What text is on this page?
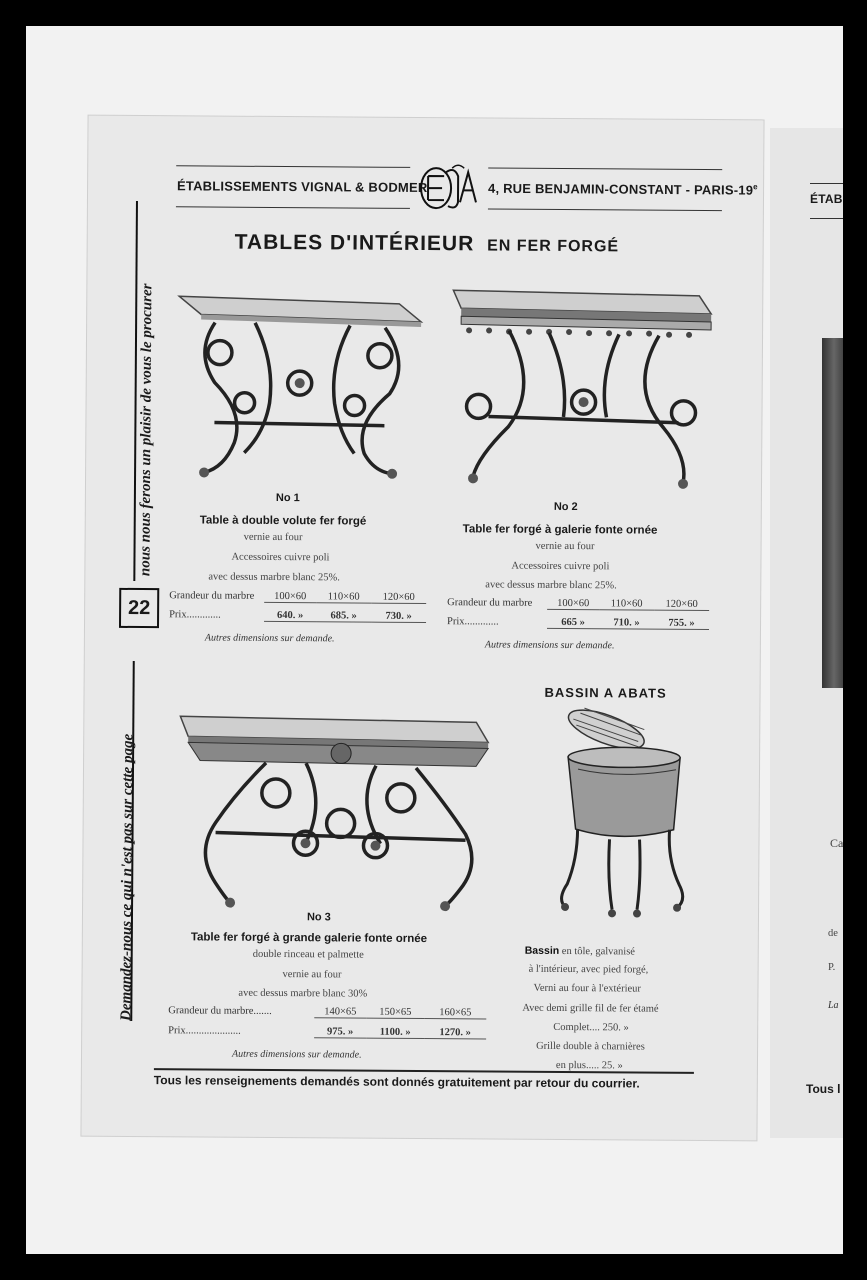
ÉTAB
Ca
de
P.
La
Tous l
ÉTABLISSEMENTS VIGNAL & BODMER	4, RUE BENJAMIN-CONSTANT - PARIS-19e
TABLES D'INTÉRIEUR EN FER FORGÉ
nous nous ferons un plaisir de vous le procurer
22
Demandez-nous ce qui n'est pas sur cette page
No 1
Table à double volute fer forgé
vernie au four
Accessoires cuivre poli
avec dessus marbre blanc 25%.
Grandeur du marbre 100×60 110×60 120×60
Prix.............	640. »	685. »	730. »
Autres dimensions sur demande.
No 2
Table fer forgé à galerie fonte ornée
vernie au four
Accessoires cuivre poli
avec dessus marbre blanc 25%.
Grandeur du marbre 100×60 110×60 120×60
Prix.............	665 »	710. »	755. »
Autres dimensions sur demande.
BASSIN A ABATS
No 3
Table fer forgé à grande galerie fonte ornée
double rinceau et palmette
vernie au four
avec dessus marbre blanc 30%
Grandeur du marbre.......	140×65 150×65	160×65
Prix.....................	975. »	1100. »	1270. »
Autres dimensions sur demande.
Bassin en tôle, galvanisé
à l'intérieur, avec pied forgé,
Verni au four à l'extérieur
Avec demi grille fil de fer étamé
Complet.... 250. »
Grille double à charnières
en plus..... 25. »
Tous les renseignements demandés sont donnés gratuitement par retour du courrier.
